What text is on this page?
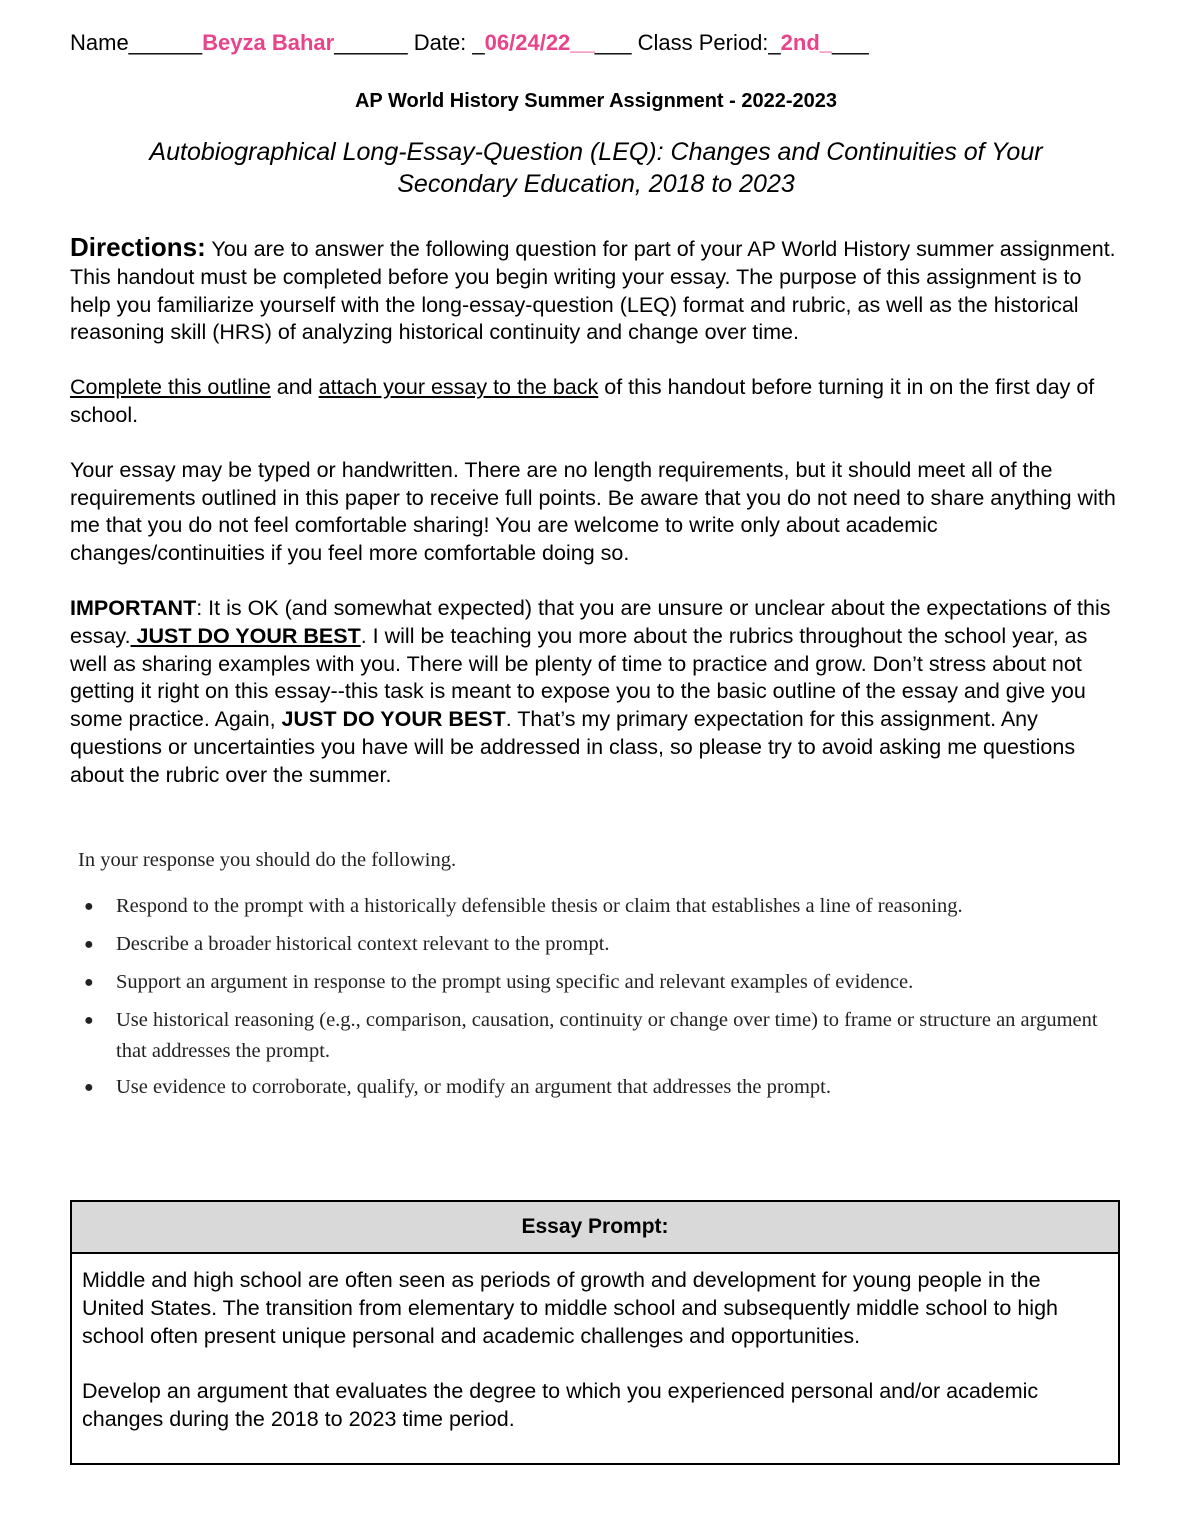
Name______Beyza Bahar______ Date: _06/24/22_____ Class Period:_2nd____
AP World History Summer Assignment - 2022-2023
Autobiographical Long-Essay-Question (LEQ): Changes and Continuities of Your Secondary Education, 2018 to 2023

Directions: You are to answer the following question for part of your AP World History summer assignment. This handout must be completed before you begin writing your essay. The purpose of this assignment is to help you familiarize yourself with the long-essay-question (LEQ) format and rubric, as well as the historical reasoning skill (HRS) of analyzing historical continuity and change over time.

Complete this outline and attach your essay to the back of this handout before turning it in on the first day of school.

Your essay may be typed or handwritten. There are no length requirements, but it should meet all of the requirements outlined in this paper to receive full points. Be aware that you do not need to share anything with me that you do not feel comfortable sharing! You are welcome to write only about academic changes/continuities if you feel more comfortable doing so.

IMPORTANT: It is OK (and somewhat expected) that you are unsure or unclear about the expectations of this essay. JUST DO YOUR BEST. I will be teaching you more about the rubrics throughout the school year, as well as sharing examples with you. There will be plenty of time to practice and grow. Don’t stress about not getting it right on this essay--this task is meant to expose you to the basic outline of the essay and give you some practice. Again, JUST DO YOUR BEST. That’s my primary expectation for this assignment. Any questions or uncertainties you have will be addressed in class, so please try to avoid asking me questions about the rubric over the summer.

In your response you should do the following.
● Respond to the prompt with a historically defensible thesis or claim that establishes a line of reasoning.
● Describe a broader historical context relevant to the prompt.
● Support an argument in response to the prompt using specific and relevant examples of evidence.
● Use historical reasoning (e.g., comparison, causation, continuity or change over time) to frame or structure an argument that addresses the prompt.
● Use evidence to corroborate, qualify, or modify an argument that addresses the prompt.
Essay Prompt:

Middle and high school are often seen as periods of growth and development for young people in the United States. The transition from elementary to middle school and subsequently middle school to high school often present unique personal and academic challenges and opportunities.

Develop an argument that evaluates the degree to which you experienced personal and/or academic changes during the 2018 to 2023 time period.
